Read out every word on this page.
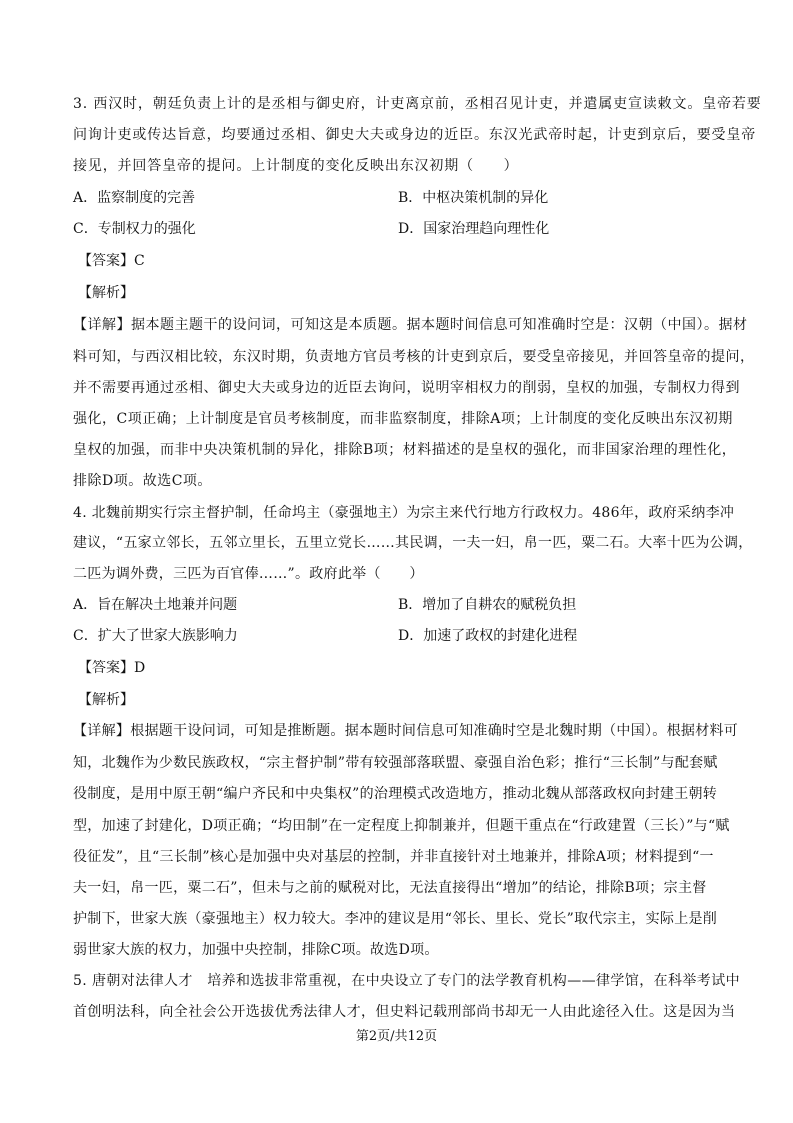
3. 西汉时，朝廷负责上计的是丞相与御史府，计吏离京前，丞相召见计吏，并遣属吏宣读敕文。皇帝若要
问询计吏或传达旨意，均要通过丞相、御史大夫或身边的近臣。东汉光武帝时起，计吏到京后，要受皇帝
接见，并回答皇帝的提问。上计制度的变化反映出东汉初期（　　）
A．监察制度的完善	B．中枢决策机制的异化
C．专制权力的强化	D．国家治理趋向理性化
【答案】C
【解析】
【详解】据本题主题干的设问词，可知这是本质题。据本题时间信息可知准确时空是：汉朝（中国）。据材
料可知，与西汉相比较，东汉时期，负责地方官员考核的计吏到京后，要受皇帝接见，并回答皇帝的提问，
并不需要再通过丞相、御史大夫或身边的近臣去询问，说明宰相权力的削弱，皇权的加强，专制权力得到
强化，C项正确；上计制度是官员考核制度，而非监察制度，排除A项；上计制度的变化反映出东汉初期
皇权的加强，而非中央决策机制的异化，排除B项；材料描述的是皇权的强化，而非国家治理的理性化，
排除D项。故选C项。
4. 北魏前期实行宗主督护制，任命坞主（豪强地主）为宗主来代行地方行政权力。486年，政府采纳李冲
建议，“五家立邻长，五邻立里长，五里立党长……其民调，一夫一妇，帛一匹，粟二石。大率十匹为公调，
二匹为调外费，三匹为百官俸……”。政府此举（　　）
A．旨在解决土地兼并问题	B．增加了自耕农的赋税负担
C．扩大了世家大族影响力	D．加速了政权的封建化进程
【答案】D
【解析】
【详解】根据题干设问词，可知是推断题。据本题时间信息可知准确时空是北魏时期（中国）。根据材料可
知，北魏作为少数民族政权，“宗主督护制”带有较强部落联盟、豪强自治色彩；推行“三长制”与配套赋
役制度，是用中原王朝“编户齐民和中央集权”的治理模式改造地方，推动北魏从部落政权向封建王朝转
型，加速了封建化，D项正确；“均田制”在一定程度上抑制兼并，但题干重点在“行政建置（三长）”与“赋
役征发”，且“三长制”核心是加强中央对基层的控制，并非直接针对土地兼并，排除A项；材料提到“一
夫一妇，帛一匹，粟二石”，但未与之前的赋税对比，无法直接得出“增加”的结论，排除B项；宗主督
护制下，世家大族（豪强地主）权力较大。李冲的建议是用“邻长、里长、党长”取代宗主，实际上是削
弱世家大族的权力，加强中央控制，排除C项。故选D项。
5. 唐朝对法律人才　培养和选拔非常重视，在中央设立了专门的法学教育机构——律学馆，在科举考试中
首创明法科，向全社会公开选拔优秀法律人才，但史料记载刑部尚书却无一人由此途径入仕。这是因为当
第2页/共12页
